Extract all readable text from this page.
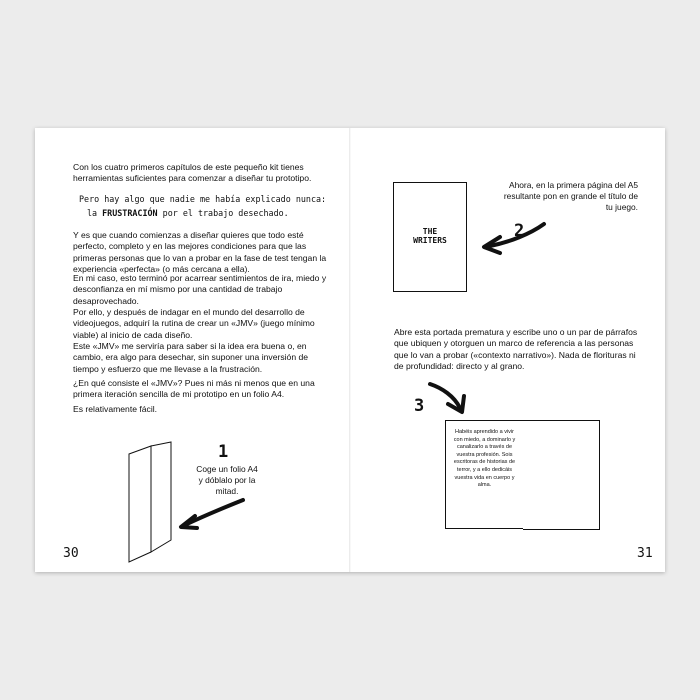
Con los cuatro primeros capítulos de este pequeño kit tienes herramientas suficientes para comenzar a diseñar tu prototipo.

Pero hay algo que nadie me había explicado nunca:

la FRUSTRACIÓN por el trabajo desechado.

Y es que cuando comienzas a diseñar quieres que todo esté perfecto, completo y en las mejores condiciones para que las primeras personas que lo van a probar en la fase de test tengan la experiencia «perfecta» (o más cercana a ella).

En mi caso, esto terminó por acarrear sentimientos de ira, miedo y desconfianza en mí mismo por una cantidad de trabajo desaprovechado.

Por ello, y después de indagar en el mundo del desarrollo de videojuegos, adquirí la rutina de crear un «JMV» (juego mínimo viable) al inicio de cada diseño.

Este «JMV» me serviría para saber si la idea era buena o, en cambio, era algo para desechar, sin suponer una inversión de tiempo y esfuerzo que me llevase a la frustración.

¿En qué consiste el «JMV»? Pues ni más ni menos que en una primera iteración sencilla de mi prototipo en un folio A4.

Es relativamente fácil.

1
Coge un folio A4 y dóblalo por la mitad.
30
THE
WRITERS
Ahora, en la primera página del A5 resultante pon en grande el título de tu juego.
2

Abre esta portada prematura y escribe uno o un par de párrafos que ubiquen y otorguen un marco de referencia a las personas que lo van a probar («contexto narrativo»). Nada de florituras ni de profundidad: directo y al grano.

3
Habéis aprendido a vivir con miedo, a dominarlo y canalizarlo a través de vuestra profesión. Sois escritoras de historias de terror, y a ello dedicáis vuestra vida en cuerpo y alma.
31
